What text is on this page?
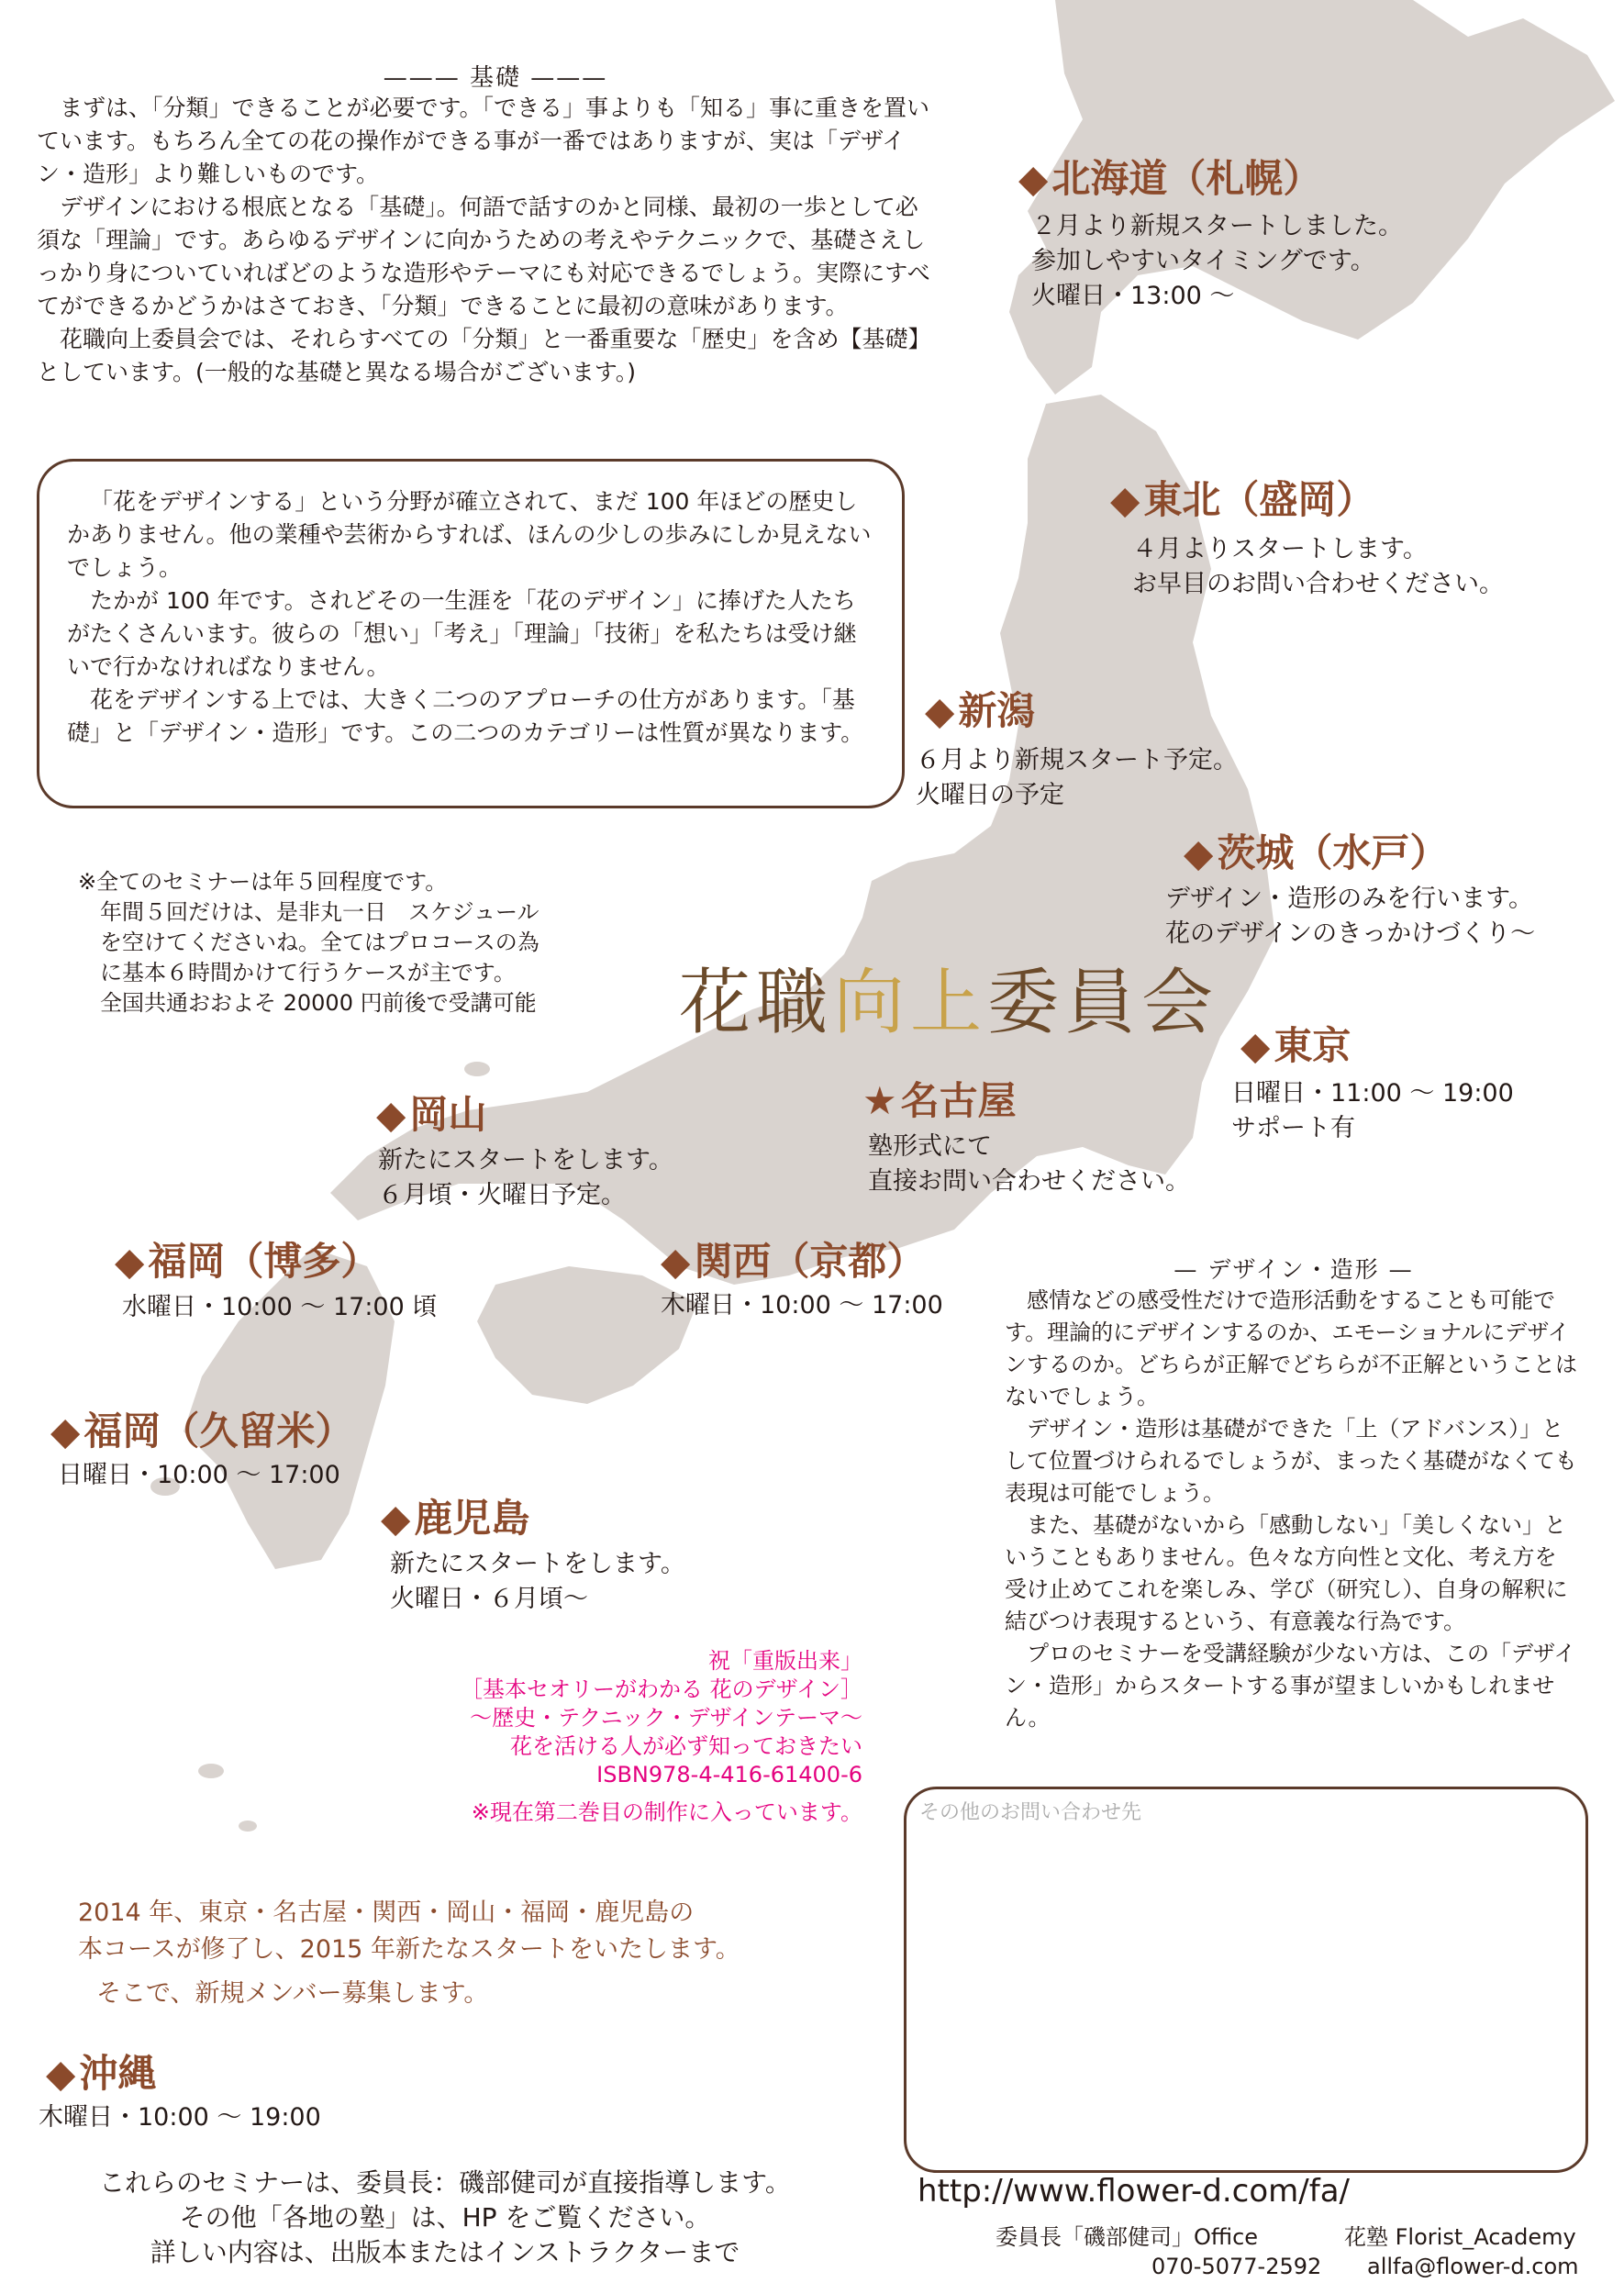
——— 基礎 ———

まずは、「分類」できることが必要です。「できる」事よりも「知る」事に重きを置いています。もちろん全ての花の操作ができる事が一番ではありますが、実は「デザイン・造形」より難しいものです。

デザインにおける根底となる「基礎」。何語で話すのかと同様、最初の一歩として必須な「理論」です。あらゆるデザインに向かうための考えやテクニックで、基礎さえしっかり身についていればどのような造形やテーマにも対応できるでしょう。実際にすべてができるかどうかはさておき、「分類」できることに最初の意味があります。

花職向上委員会では、それらすべての「分類」と一番重要な「歴史」を含め【基礎】としています。(一般的な基礎と異なる場合がございます。)

「花をデザインする」という分野が確立されて、まだ 100 年ほどの歴史しかありません。他の業種や芸術からすれば、ほんの少しの歩みにしか見えないでしょう。

たかが 100 年です。されどその一生涯を「花のデザイン」に捧げた人たちがたくさんいます。彼らの「想い」「考え」「理論」「技術」を私たちは受け継いで行かなければなりません。

花をデザインする上では、大きく二つのアプローチの仕方があります。「基礎」と「デザイン・造形」です。この二つのカテゴリーは性質が異なります。

※全てのセミナーは年５回程度です。
　年間５回だけは、是非丸一日　スケジュール
　を空けてくださいね。全てはプロコースの為
　に基本６時間かけて行うケースが主です。
　全国共通おおよそ 20000 円前後で受講可能 花職向上委員会
◆北海道（札幌）
２月より新規スタートしました。
参加しやすいタイミングです。
火曜日・13:00 ～
◆東北（盛岡）
４月よりスタートします。
お早目のお問い合わせください。
◆新潟
６月より新規スタート予定。
火曜日の予定
◆茨城（水戸）
デザイン・造形のみを行います。
花のデザインのきっかけづくり～
◆東京
日曜日・11:00 ～ 19:00
サポート有
★名古屋
塾形式にて
直接お問い合わせください。
◆岡山
新たにスタートをします。
６月頃・火曜日予定。
◆関西（京都）
木曜日・10:00 ～ 17:00
◆福岡（博多）
水曜日・10:00 ～ 17:00 頃
◆福岡（久留米）
日曜日・10:00 ～ 17:00
◆鹿児島
新たにスタートをします。
火曜日・６月頃～
◆沖縄
木曜日・10:00 ～ 19:00
— デザイン・造形 —

感情などの感受性だけで造形活動をすることも可能です。理論的にデザインするのか、エモーショナルにデザインするのか。どちらが正解でどちらが不正解ということはないでしょう。

デザイン・造形は基礎ができた「上（アドバンス）」として位置づけられるでしょうが、まったく基礎がなくても表現は可能でしょう。

また、基礎がないから「感動しない」「美しくない」ということもありません。色々な方向性と文化、考え方を受け止めてこれを楽しみ、学び（研究し）、自身の解釈に結びつけ表現するという、有意義な行為です。

プロのセミナーを受講経験が少ない方は、この「デザイン・造形」からスタートする事が望ましいかもしれません。

祝「重版出来」
［基本セオリーがわかる 花のデザイン］
～歴史・テクニック・デザインテーマ～
花を活ける人が必ず知っておきたい
ISBN978-4-416-61400-6
※現在第二巻目の制作に入っています。	その他のお問い合わせ先
2014 年、東京・名古屋・関西・岡山・福岡・鹿児島の
本コースが修了し、2015 年新たなスタートをいたします。
そこで、新規メンバー募集します。
これらのセミナーは、委員長：磯部健司が直接指導します。
その他「各地の塾」は、HP をご覧ください。
詳しい内容は、出版本またはインストラクターまで
http://www.flower-d.com/fa/
委員長「磯部健司」Office	花塾 Florist_Academy
070-5077-2592 allfa@flower-d.com
